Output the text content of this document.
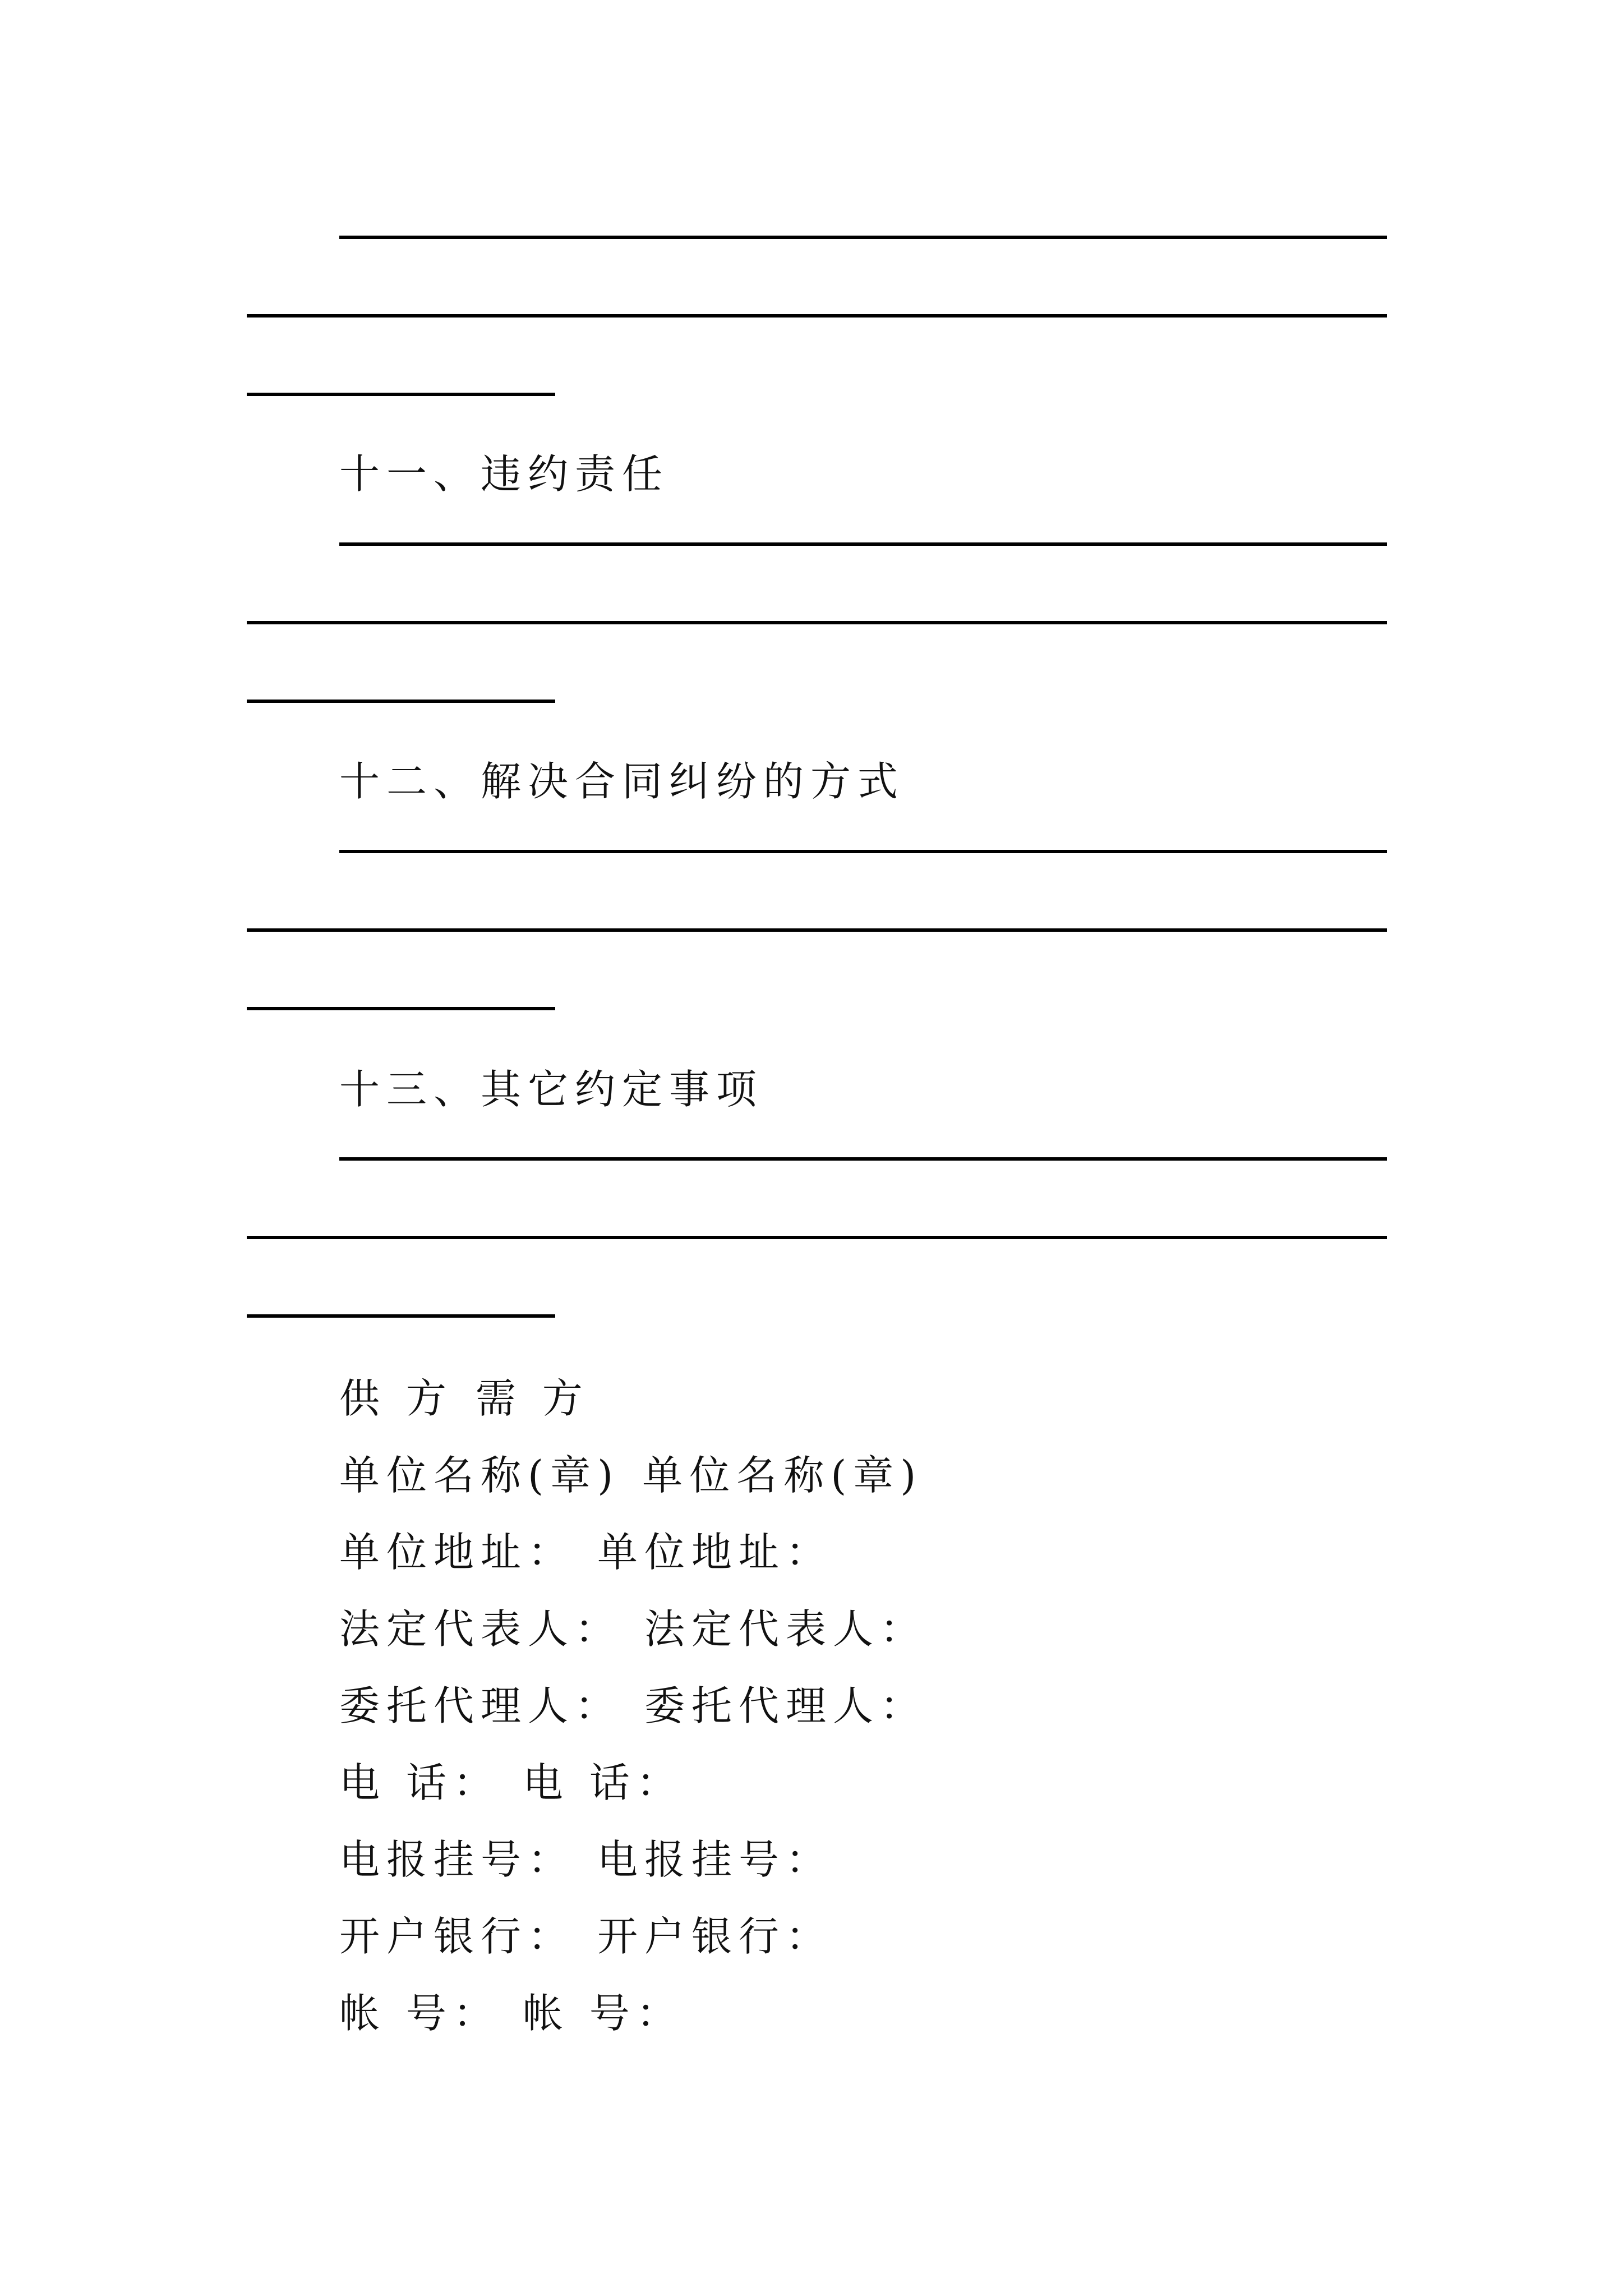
十一、违约责任
十二、解决合同纠纷的方式
十三、其它约定事项
供 方 需 方
单位名称(章) 单位名称(章)
单位地址： 单位地址：
法定代表人： 法定代表人：
委托代理人： 委托代理人：
电 话： 电 话：
电报挂号： 电报挂号：
开户银行： 开户银行：
帐 号： 帐 号：
